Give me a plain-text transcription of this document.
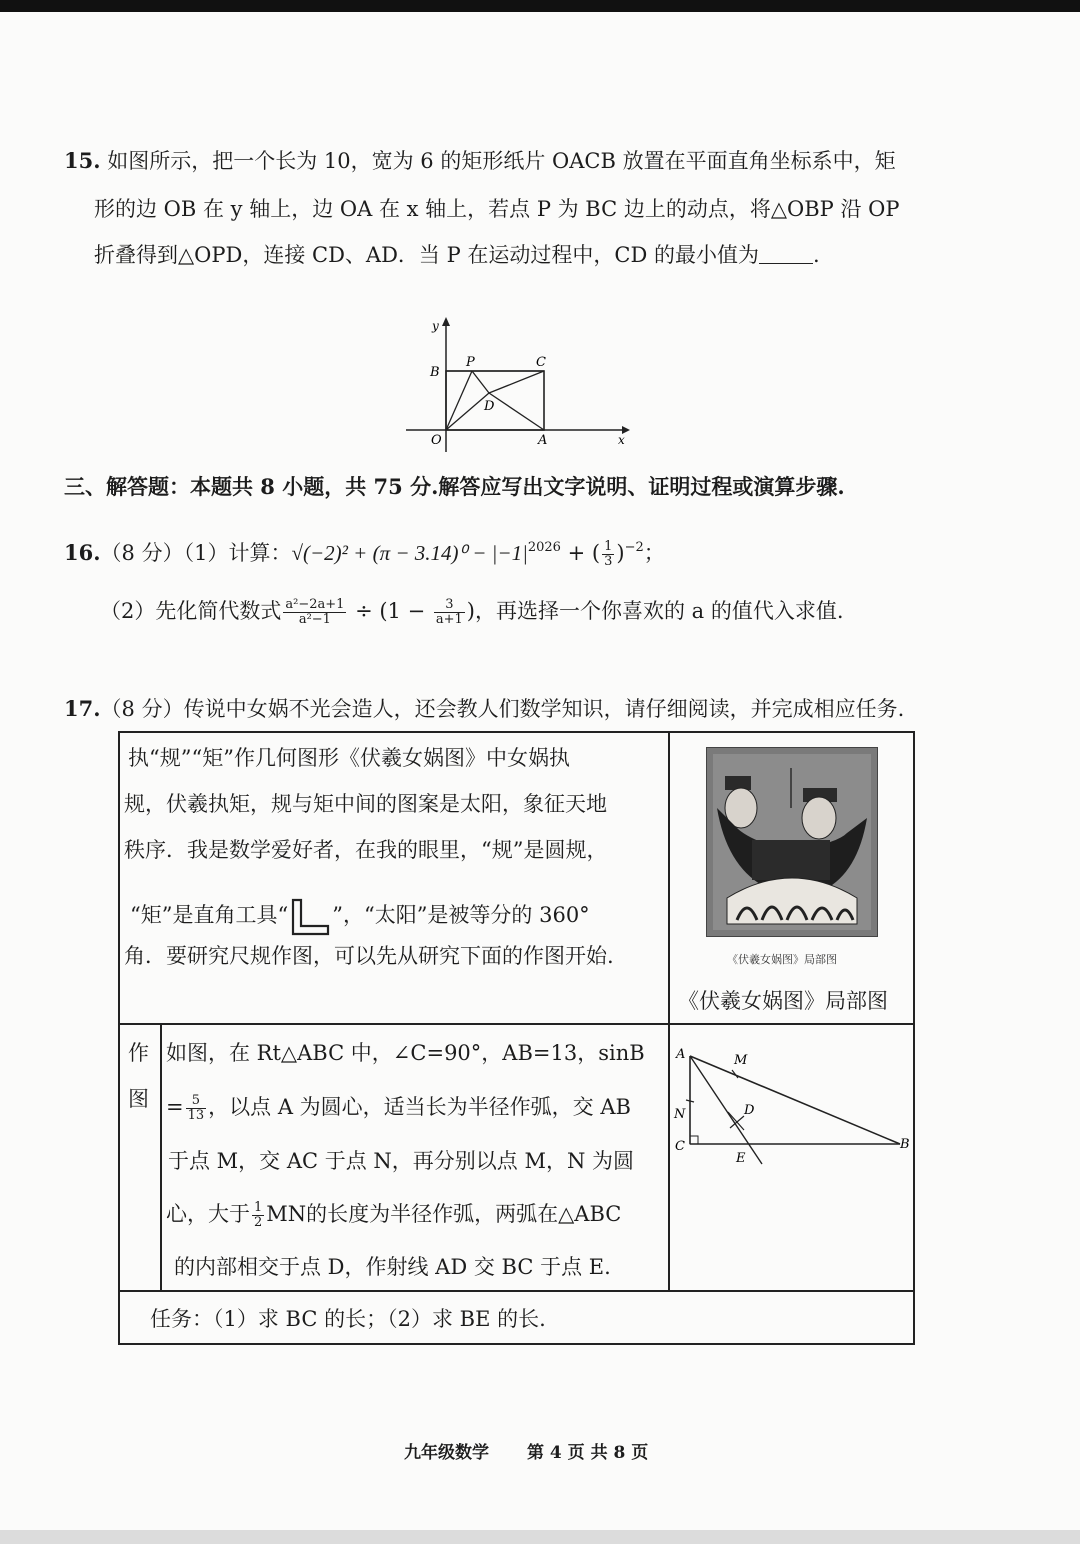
15. 如图所示，把一个长为 10，宽为 6 的矩形纸片 OACB 放置在平面直角坐标系中，矩
形的边 OB 在 y 轴上，边 OA 在 x 轴上，若点 P 为 BC 边上的动点，将△OBP 沿 OP
折叠得到△OPD，连接 CD、AD．当 P 在运动过程中，CD 的最小值为	.
y
x
B
P	C
D
O	A
三、解答题：本题共 8 小题，共 75 分.解答应写出文字说明、证明过程或演算步骤.
16.（8 分）（1）计算：$√(-2)^2 + (\pi - 3.14)^0 - |-1|^{2026}$ + ( $\frac{1}{3} )^{-2}$；
（2）先化简代数式 $\frac{\text{a²−2a+1}}{\text{a²−1}} \div (1 - \frac{3}{a+1}$ )，再选择一个你喜欢的 a 的值代入求值.
17.（8 分）传说中女娲不光会造人，还会教人们数学知识，请仔细阅读，并完成相应任务.
执“规”“矩”作几何图形《伏羲女娲图》中女娲执
规，伏羲执矩，规与矩中间的图案是太阳，象征天地
秩序．我是数学爱好者，在我的眼里，“规”是圆规，
“矩”是直角工具“ ”，“太阳”是被等分的 360°
角．要研究尺规作图，可以先从研究下面的作图开始.	《伏羲女娲图》局部图
《伏羲女娲图》局部图
作
图
如图，在 Rt△ABC 中，∠C=90°，AB=13，sinB
= $\frac{5}{13}$ ，以点 A 为圆心，适当长为半径作弧，交 AB
于点 M，交 AC 于点 N，再分别以点 M，N 为圆
心，大于 $\frac{1}{2}$ MN的长度为半径作弧，两弧在△ABC
的内部相交于点 D，作射线 AD 交 BC 于点 E.
A	M
N	D
C
E
B
任务：（1）求 BC 的长；（2）求 BE 的长.
九年级数学 第 4 页 共 8 页
